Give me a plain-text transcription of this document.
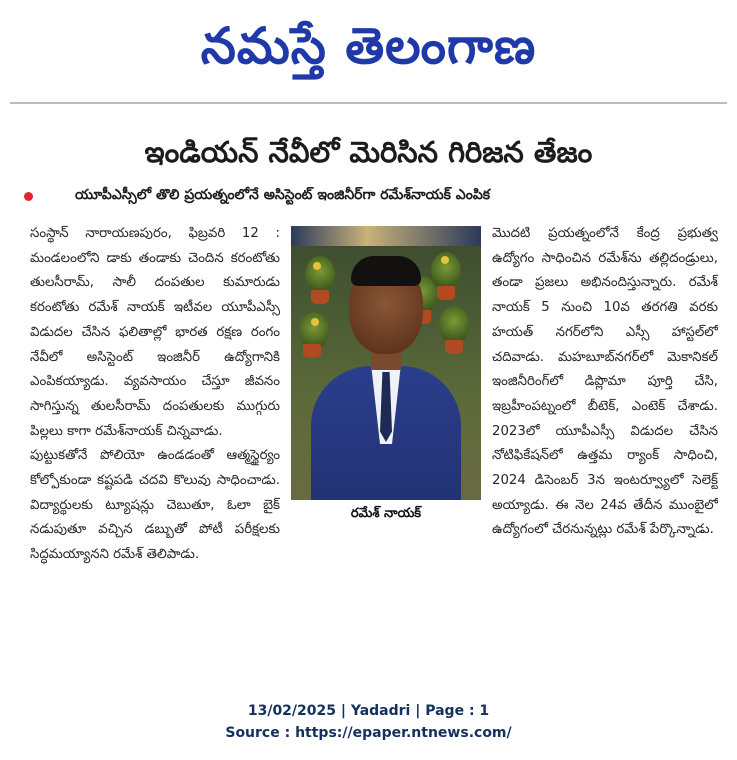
నమస్తే తెలంగాణ
ఇండియన్ నేవీలో మెరిసిన గిరిజన తేజం
యూపీఎస్సీలో తొలి ప్రయత్నంలోనే అసిస్టెంట్ ఇంజినీర్‌గా రమేశ్‌నాయక్ ఎంపిక

సంస్థాన్ నారాయణపురం, ఫిబ్రవరి 12 : మండలంలోని డాకు తండాకు చెందిన కరంటోతు తులసీరామ్, సాలీ దంపతుల కుమారుడు కరంటోతు రమేశ్ నాయక్ ఇటీవల యూపీఎస్సీ విడుదల చేసిన ఫలితాల్లో భారత రక్షణ రంగం నేవీలో అసిస్టెంట్ ఇంజినీర్ ఉద్యోగానికి ఎంపికయ్యాడు. వ్యవసాయం చేస్తూ జీవనం సాగిస్తున్న తులసీరామ్ దంపతులకు ముగ్గురు పిల్లలు కాగా రమేశ్‌నాయక్ చిన్నవాడు.

పుట్టుకతోనే పోలియో ఉండడంతో ఆత్మస్థైర్యం కోల్పోకుండా కష్టపడి చదవి కొలువు సాధించాడు. విద్యార్థులకు ట్యూషన్లు చెబుతూ, ఓలా బైక్ నడుపుతూ వచ్చిన డబ్బుతో పోటీ పరీక్షలకు సిద్ధమయ్యానని రమేశ్ తెలిపాడు.

రమేశ్ నాయక్

మొదటి ప్రయత్నంలోనే కేంద్ర ప్రభుత్వ ఉద్యోగం సాధించిన రమేశ్‌ను తల్లిదండ్రులు, తండా ప్రజలు అభినందిస్తున్నారు. రమేశ్ నాయక్ 5 నుంచి 10వ తరగతి వరకు హయత్ నగర్‌లోని ఎస్సీ హాస్టల్‌లో చదివాడు. మహబూబ్‌నగర్‌లో మెకానికల్ ఇంజినీరింగ్‌లో డిప్లొమా పూర్తి చేసి, ఇబ్రహీంపట్నంలో బీటెక్, ఎంటెక్ చేశాడు. 2023లో యూపీఎస్సీ విడుదల చేసిన నోటిఫికేషన్‌లో ఉత్తమ ర్యాంక్ సాధించి, 2024 డిసెంబర్ 3న ఇంటర్వ్యూలో సెలెక్ట్ అయ్యాడు. ఈ నెల 24వ తేదీన ముంబైలో ఉద్యోగంలో చేరనున్నట్లు రమేశ్ పేర్కొన్నాడు.

13/02/2025 | Yadadri | Page : 1
Source : https://epaper.ntnews.com/
